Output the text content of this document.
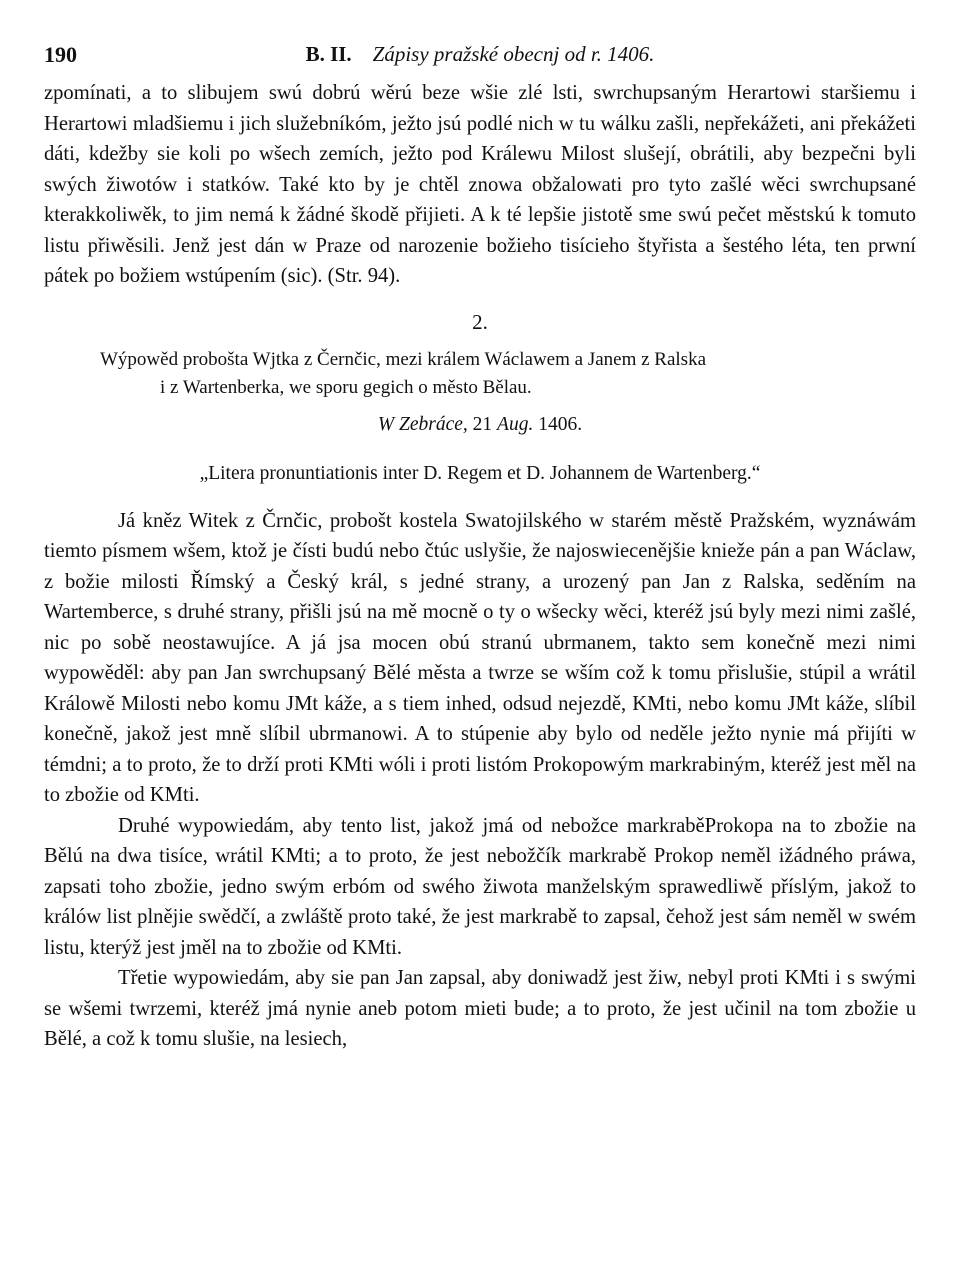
190	B. II. Zápisy pražské obecnj od r. 1406.

zpomínati, a to slibujem swú dobrú wěrú beze wšie zlé lsti, swrchupsaným Herartowi staršiemu i Herartowi mladšiemu i jich služebníkóm, ježto jsú podlé nich w tu wálku zašli, nepřekážeti, ani překážeti dáti, kdežby sie koli po wšech zemích, ježto pod Králewu Milost slušejí, obrátili, aby bezpečni byli swých žiwotów i statków. Také kto by je chtěl znowa obžalowati pro tyto zašlé wěci swrchupsané kterakkoliwěk, to jim nemá k žádné škodě přijieti. A k té lepšie jistotě sme swú pečet městskú k tomuto listu přiwěsili. Jenž jest dán w Praze od narozenie božieho tisícieho štyřista a šestého léta, ten prwní pátek po božiem wstúpením (sic). (Str. 94).

2.
Wýpowěd probošta Wjtka z Černčic, mezi králem Wáclawem a Janem z Ralska
i z Wartenberka, we sporu gegich o město Bělau.
W Zebráce, 21 Aug. 1406.
„Litera pronuntiationis inter D. Regem et D. Johannem de Wartenberg.“

Já kněz Witek z Črnčic, probošt kostela Swatojilského w starém městě Pražském, wyznáwám tiemto písmem wšem, ktož je čísti budú nebo čtúc uslyšie, že najoswiecenějšie knieže pán a pan Wáclaw, z božie milosti Římský a Český král, s jedné strany, a urozený pan Jan z Ralska, seděním na Wartemberce, s druhé strany, přišli jsú na mě mocně o ty o wšecky wěci, kteréž jsú byly mezi nimi zašlé, nic po sobě neostawujíce. A já jsa mocen obú stranú ubrmanem, takto sem konečně mezi nimi wypowěděl: aby pan Jan swrchupsaný Bělé města a twrze se wším což k tomu přislušie, stúpil a wrátil Králowě Milosti nebo komu JMt káže, a s tiem inhed, odsud nejezdě, KMti, nebo komu JMt káže, slíbil konečně, jakož jest mně slíbil ubrmanowi. A to stúpenie aby bylo od neděle ježto nynie má přijíti w témdni; a to proto, že to drží proti KMti wóli i proti listóm Prokopowým markrabiným, kteréž jest měl na to zbožie od KMti.

Druhé wypowiedám, aby tento list, jakož jmá od nebožce markraběProkopa na to zbožie na Bělú na dwa tisíce, wrátil KMti; a to proto, že jest nebožčík markrabě Prokop neměl ižádného práwa, zapsati toho zbožie, jedno swým erbóm od swého žiwota manželským sprawedliwě příslým, jakož to králów list plnějie swědčí, a zwláště proto také, že jest markrabě to zapsal, čehož jest sám neměl w swém listu, kterýž jest jměl na to zbožie od KMti.

Třetie wypowiedám, aby sie pan Jan zapsal, aby doniwadž jest žiw, nebyl proti KMti i s swými se wšemi twrzemi, kteréž jmá nynie aneb potom mieti bude; a to proto, že jest učinil na tom zbožie u Bělé, a což k tomu slušie, na lesiech,
